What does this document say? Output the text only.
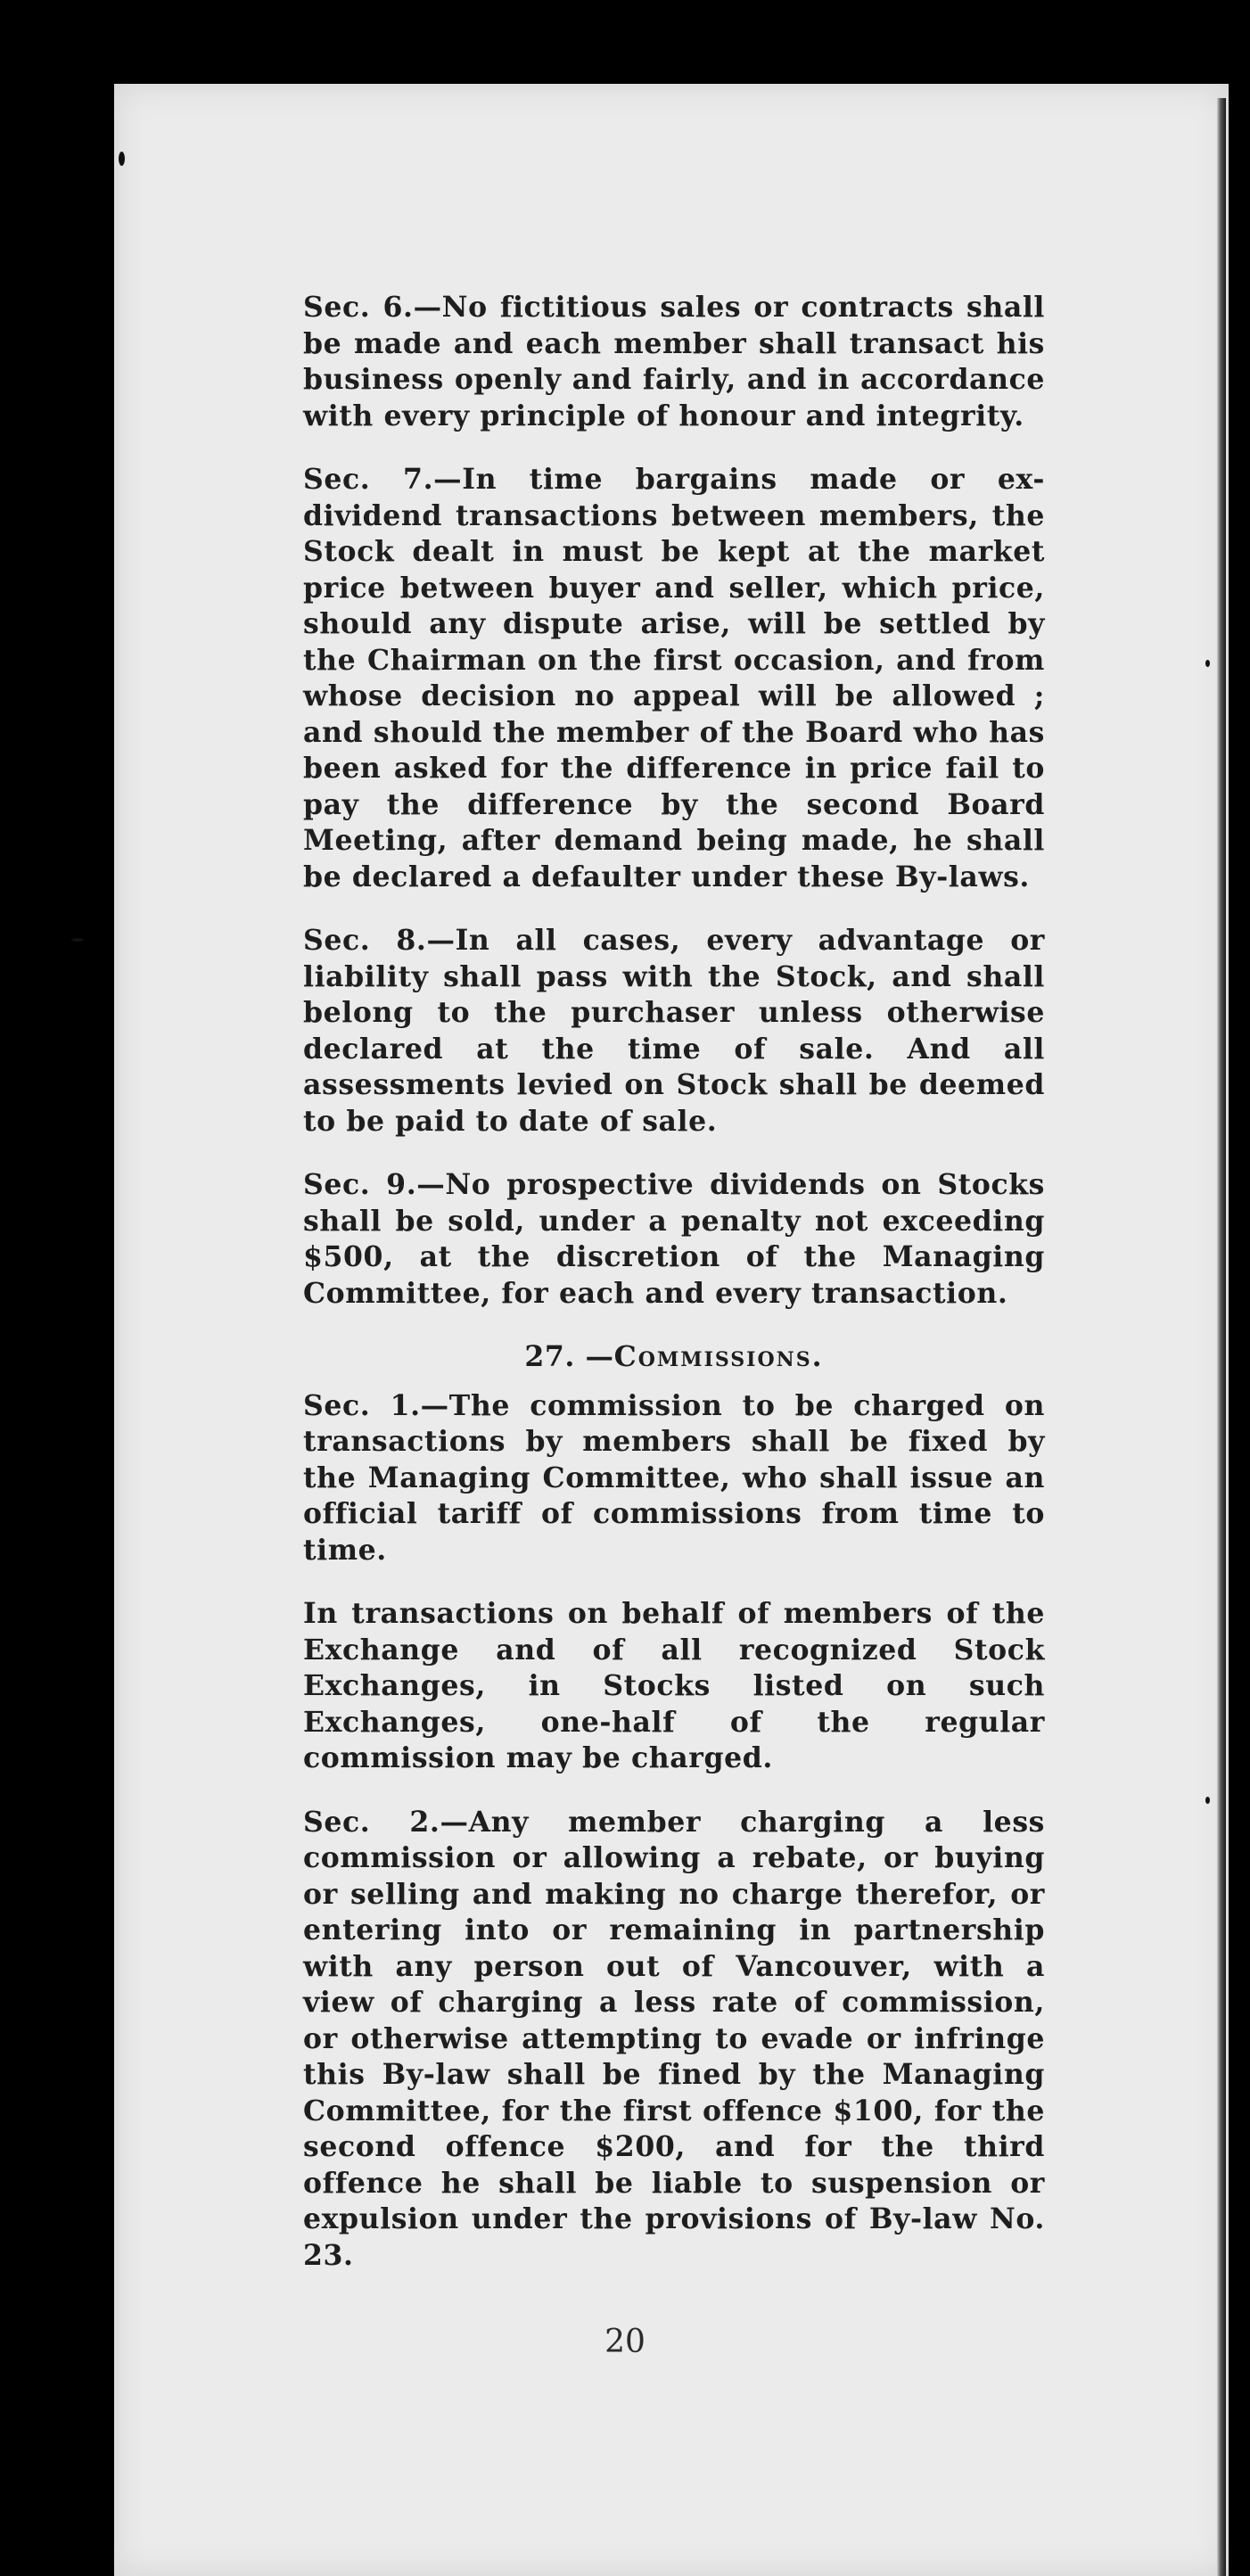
Sec. 6.—No fictitious sales or contracts shall be made and each member shall transact his business openly and fairly, and in accordance with every principle of honour and integrity.

Sec. 7.—In time bargains made or ex-dividend transactions between members, the Stock dealt in must be kept at the market price between buyer and seller, which price, should any dispute arise, will be settled by the Chairman on the first occasion, and from whose decision no appeal will be allowed ; and should the member of the Board who has been asked for the difference in price fail to pay the difference by the second Board Meeting, after demand being made, he shall be declared a defaulter under these By-laws.

Sec. 8.—In all cases, every advantage or liability shall pass with the Stock, and shall belong to the purchaser unless otherwise declared at the time of sale. And all assessments levied on Stock shall be deemed to be paid to date of sale.

Sec. 9.—No prospective dividends on Stocks shall be sold, under a penalty not exceeding $500, at the discretion of the Managing Committee, for each and every transaction.

27. —Commissions.

Sec. 1.—The commission to be charged on transactions by members shall be fixed by the Managing Committee, who shall issue an official tariff of commissions from time to time.

In transactions on behalf of members of the Exchange and of all recognized Stock Exchanges, in Stocks listed on such Exchanges, one-half of the regular commission may be charged.

Sec. 2.—Any member charging a less commission or allowing a rebate, or buying or selling and making no charge therefor, or entering into or remaining in partnership with any person out of Vancouver, with a view of charging a less rate of commission, or otherwise attempting to evade or infringe this By-law shall be fined by the Managing Committee, for the first offence $100, for the second offence $200, and for the third offence he shall be liable to suspension or expulsion under the provisions of By-law No. 23.

20
